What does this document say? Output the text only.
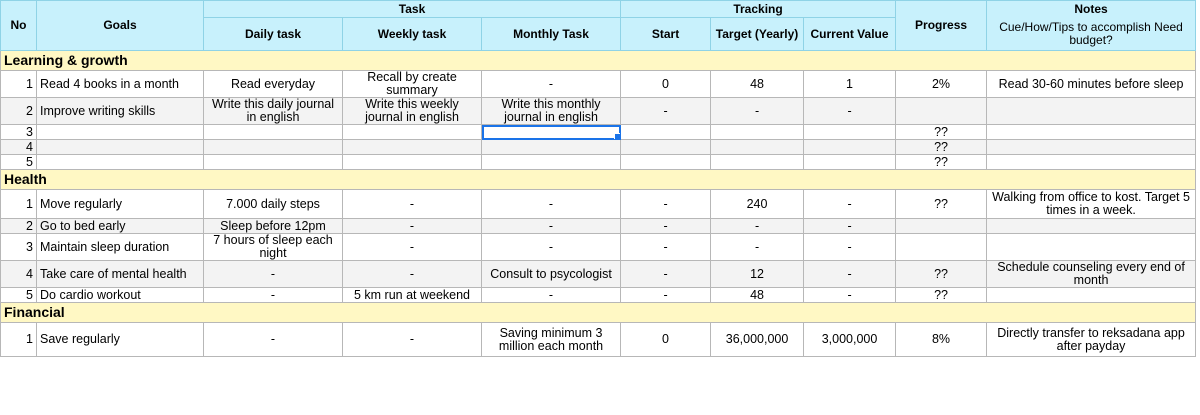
No	Goals	Task			Tracking			Progress	Notes
		Daily task	Weekly task	Monthly Task	Start	Target (Yearly)	Current Value		Cue/How/Tips to accomplish Need budget?
Learning & growth									
1	Read 4 books in a month	Read everyday	Recall by create summary	-	0	48	1	2%	Read 30-60 minutes before sleep
2	Improve writing skills	Write this daily journal in english	Write this weekly journal in english	Write this monthly journal in english	-	-	-		
3								??	
4								??	
5								??	
Health									
1	Move regularly	7.000 daily steps	-	-	-	240	-	??	Walking from office to kost. Target 5 times in a week.
2	Go to bed early	Sleep before 12pm	-	-	-	-	-		
3	Maintain sleep duration	7 hours of sleep each night	-	-	-	-	-		
4	Take care of mental health	-	-	Consult to psycologist	-	12	-	??	Schedule counseling every end of month
5	Do cardio workout	-	5 km run at weekend	-	-	48	-	??	
Financial									
1	Save regularly	-	-	Saving minimum 3 million each month	0	36,000,000	3,000,000	8%	Directly transfer to reksadana app after payday
